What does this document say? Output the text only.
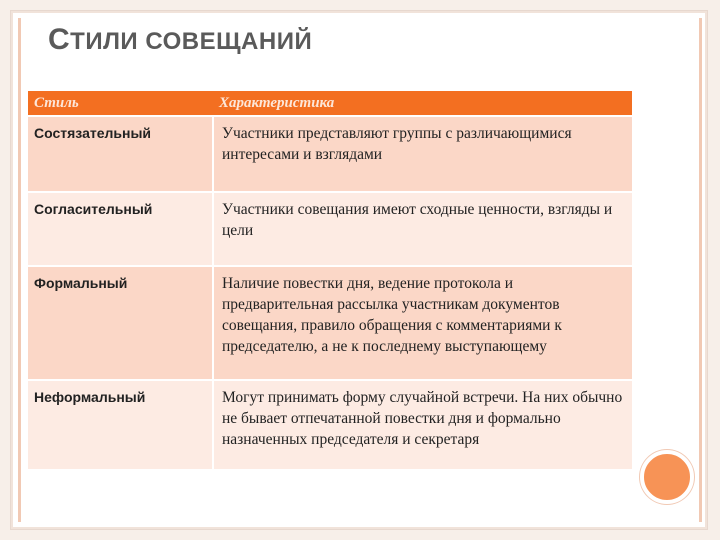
СТИЛИ СОВЕЩАНИЙ
Стиль	Характеристика
Состязательный	Участники представляют группы с различающимися интересами и взглядами
Согласительный	Участники совещания имеют сходные ценности, взгляды и цели
Формальный	Наличие повестки дня, ведение протокола и предварительная рассылка участникам документов совещания, правило обращения с комментариями к председателю, а не к последнему выступающему
Неформальный	Могут принимать форму случайной встречи. На них обычно не бывает отпечатанной повестки дня и формально назначенных председателя и секретаря
